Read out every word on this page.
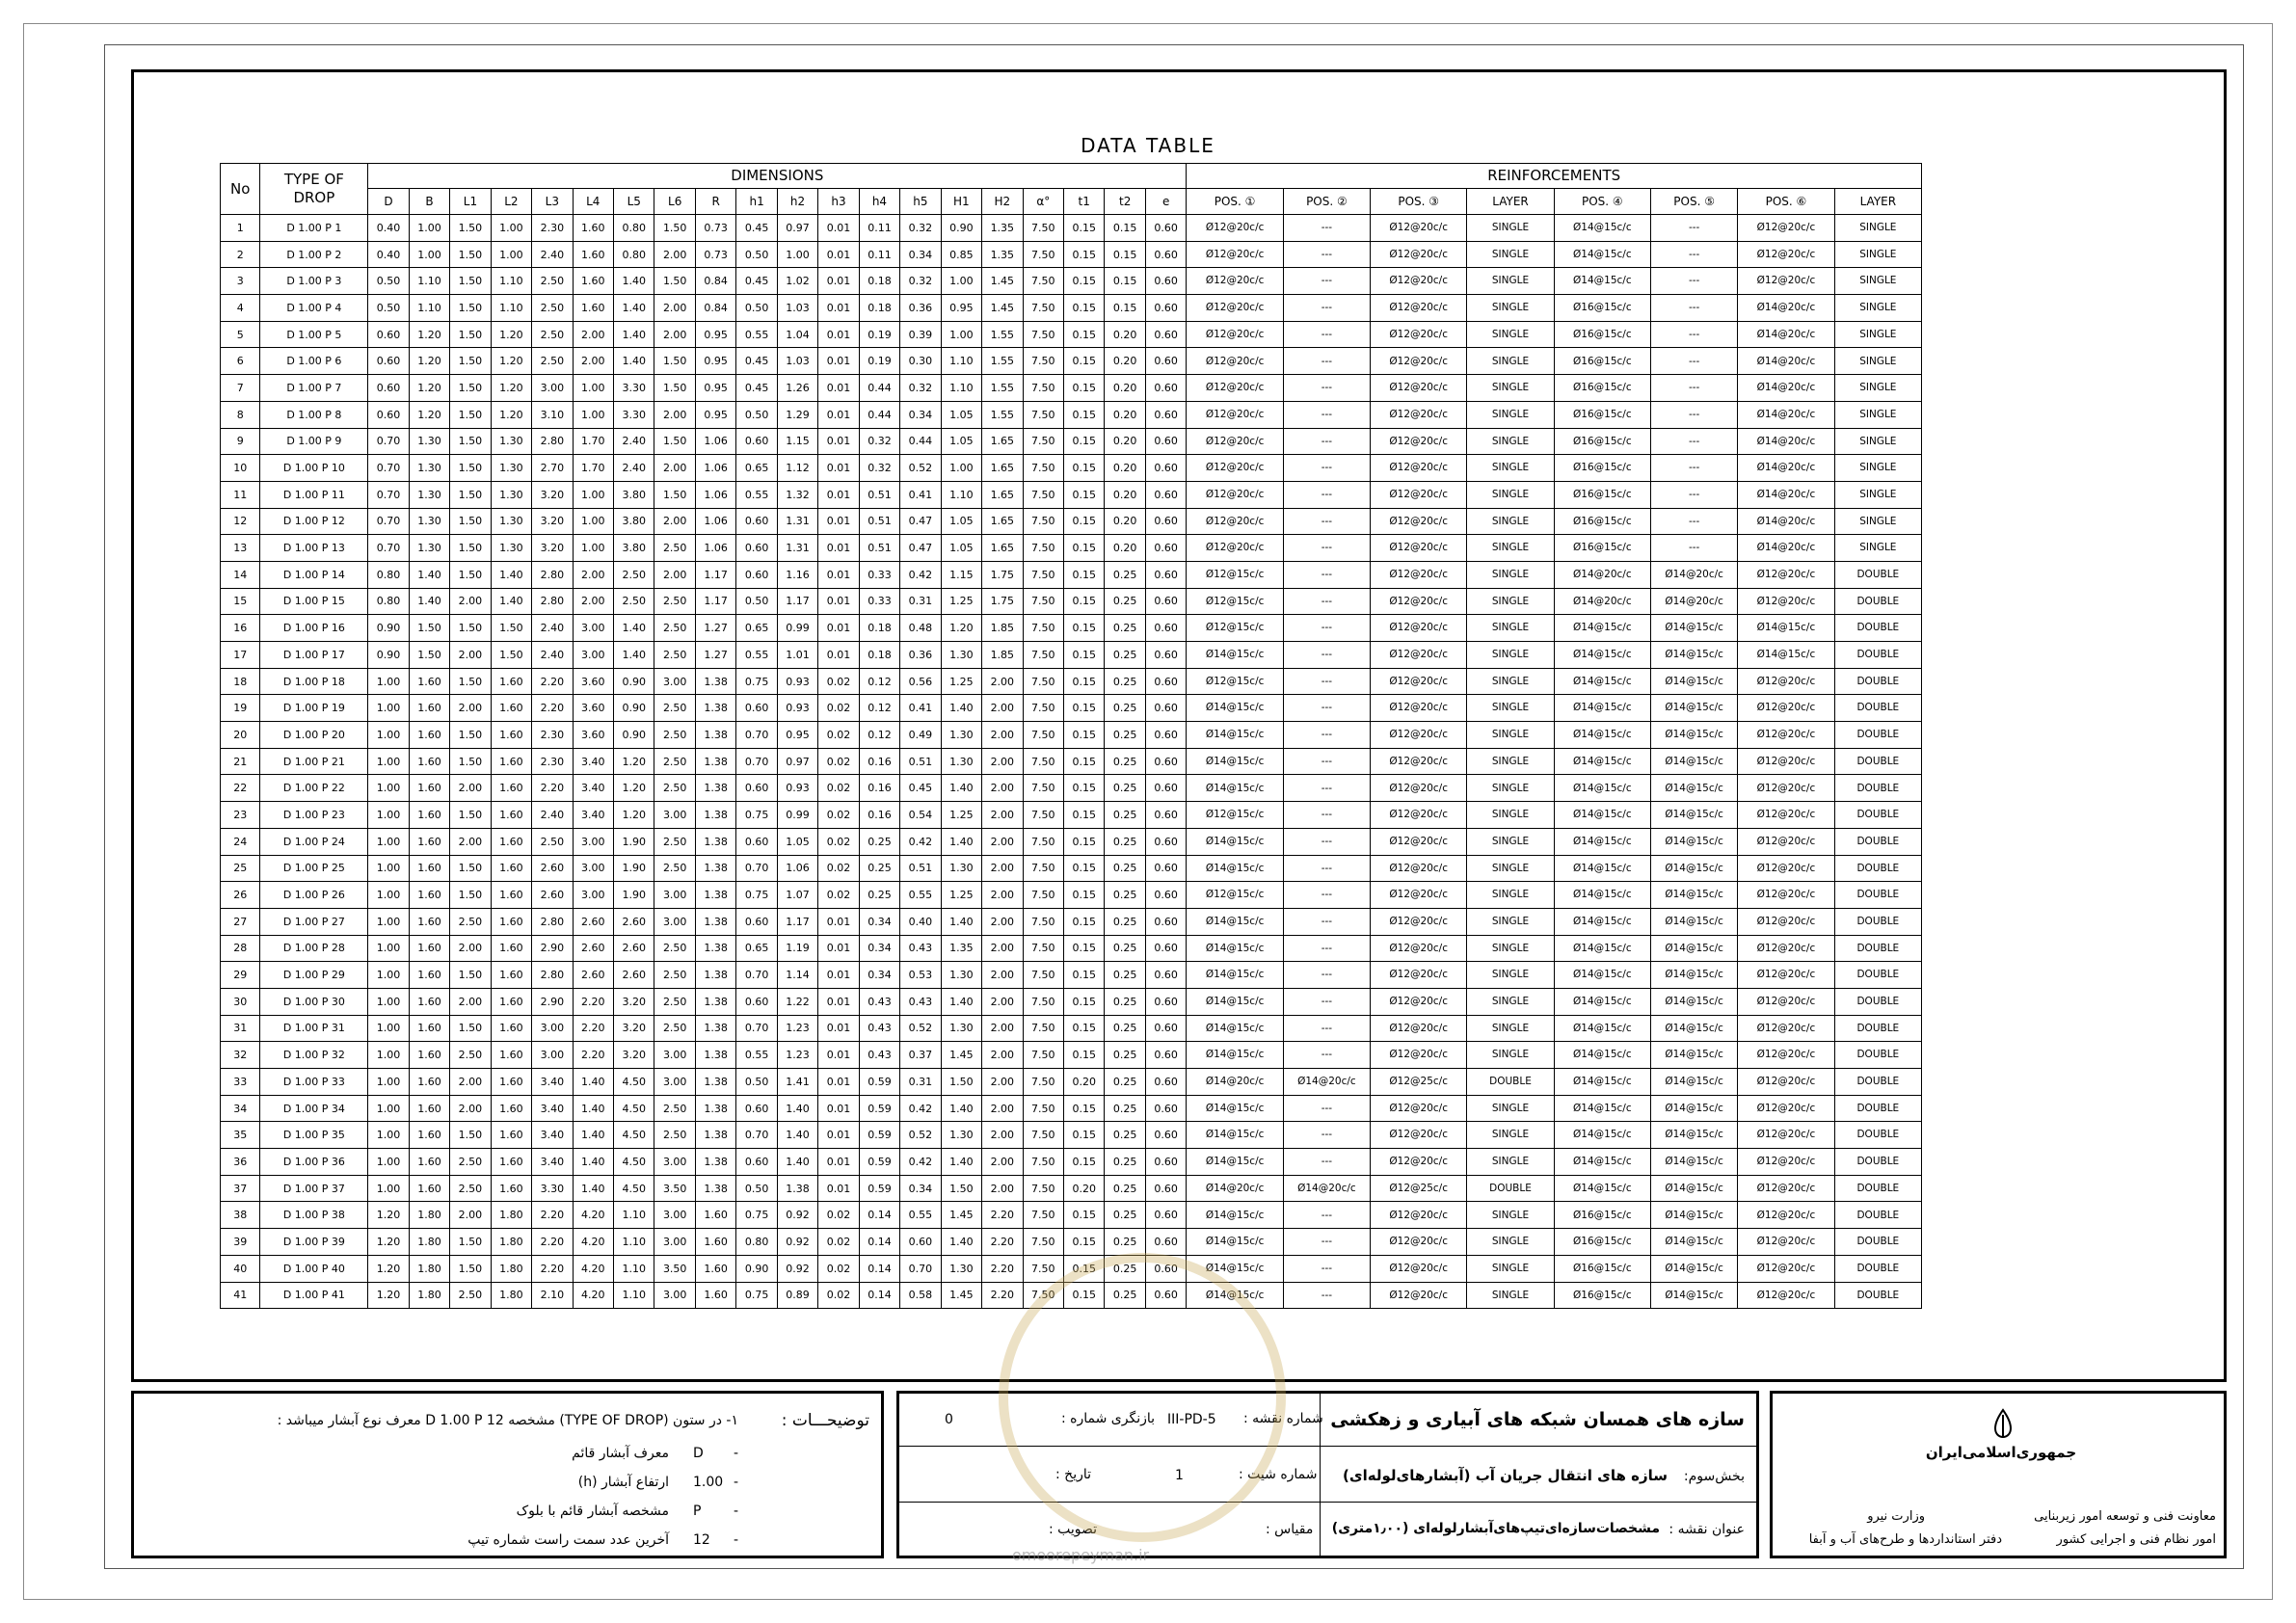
DATA TABLE
No	TYPE OF DROP	DIMENSIONS																				REINFORCEMENTS							
		D	B	L1	L2	L3	L4	L5	L6	R	h1	h2	h3	h4	h5	H1	H2	α°	t1	t2	e	POS. ①	POS. ②	POS. ③	LAYER	POS. ④	POS. ⑤	POS. ⑥	LAYER
1	D 1.00 P 1	0.40	1.00	1.50	1.00	2.30	1.60	0.80	1.50	0.73	0.45	0.97	0.01	0.11	0.32	0.90	1.35	7.50	0.15	0.15	0.60	Ø12@20c/c	---	Ø12@20c/c	SINGLE	Ø14@15c/c	---	Ø12@20c/c	SINGLE
2	D 1.00 P 2	0.40	1.00	1.50	1.00	2.40	1.60	0.80	2.00	0.73	0.50	1.00	0.01	0.11	0.34	0.85	1.35	7.50	0.15	0.15	0.60	Ø12@20c/c	---	Ø12@20c/c	SINGLE	Ø14@15c/c	---	Ø12@20c/c	SINGLE
3	D 1.00 P 3	0.50	1.10	1.50	1.10	2.50	1.60	1.40	1.50	0.84	0.45	1.02	0.01	0.18	0.32	1.00	1.45	7.50	0.15	0.15	0.60	Ø12@20c/c	---	Ø12@20c/c	SINGLE	Ø14@15c/c	---	Ø12@20c/c	SINGLE
4	D 1.00 P 4	0.50	1.10	1.50	1.10	2.50	1.60	1.40	2.00	0.84	0.50	1.03	0.01	0.18	0.36	0.95	1.45	7.50	0.15	0.15	0.60	Ø12@20c/c	---	Ø12@20c/c	SINGLE	Ø16@15c/c	---	Ø14@20c/c	SINGLE
5	D 1.00 P 5	0.60	1.20	1.50	1.20	2.50	2.00	1.40	2.00	0.95	0.55	1.04	0.01	0.19	0.39	1.00	1.55	7.50	0.15	0.20	0.60	Ø12@20c/c	---	Ø12@20c/c	SINGLE	Ø16@15c/c	---	Ø14@20c/c	SINGLE
6	D 1.00 P 6	0.60	1.20	1.50	1.20	2.50	2.00	1.40	1.50	0.95	0.45	1.03	0.01	0.19	0.30	1.10	1.55	7.50	0.15	0.20	0.60	Ø12@20c/c	---	Ø12@20c/c	SINGLE	Ø16@15c/c	---	Ø14@20c/c	SINGLE
7	D 1.00 P 7	0.60	1.20	1.50	1.20	3.00	1.00	3.30	1.50	0.95	0.45	1.26	0.01	0.44	0.32	1.10	1.55	7.50	0.15	0.20	0.60	Ø12@20c/c	---	Ø12@20c/c	SINGLE	Ø16@15c/c	---	Ø14@20c/c	SINGLE
8	D 1.00 P 8	0.60	1.20	1.50	1.20	3.10	1.00	3.30	2.00	0.95	0.50	1.29	0.01	0.44	0.34	1.05	1.55	7.50	0.15	0.20	0.60	Ø12@20c/c	---	Ø12@20c/c	SINGLE	Ø16@15c/c	---	Ø14@20c/c	SINGLE
9	D 1.00 P 9	0.70	1.30	1.50	1.30	2.80	1.70	2.40	1.50	1.06	0.60	1.15	0.01	0.32	0.44	1.05	1.65	7.50	0.15	0.20	0.60	Ø12@20c/c	---	Ø12@20c/c	SINGLE	Ø16@15c/c	---	Ø14@20c/c	SINGLE
10	D 1.00 P 10	0.70	1.30	1.50	1.30	2.70	1.70	2.40	2.00	1.06	0.65	1.12	0.01	0.32	0.52	1.00	1.65	7.50	0.15	0.20	0.60	Ø12@20c/c	---	Ø12@20c/c	SINGLE	Ø16@15c/c	---	Ø14@20c/c	SINGLE
11	D 1.00 P 11	0.70	1.30	1.50	1.30	3.20	1.00	3.80	1.50	1.06	0.55	1.32	0.01	0.51	0.41	1.10	1.65	7.50	0.15	0.20	0.60	Ø12@20c/c	---	Ø12@20c/c	SINGLE	Ø16@15c/c	---	Ø14@20c/c	SINGLE
12	D 1.00 P 12	0.70	1.30	1.50	1.30	3.20	1.00	3.80	2.00	1.06	0.60	1.31	0.01	0.51	0.47	1.05	1.65	7.50	0.15	0.20	0.60	Ø12@20c/c	---	Ø12@20c/c	SINGLE	Ø16@15c/c	---	Ø14@20c/c	SINGLE
13	D 1.00 P 13	0.70	1.30	1.50	1.30	3.20	1.00	3.80	2.50	1.06	0.60	1.31	0.01	0.51	0.47	1.05	1.65	7.50	0.15	0.20	0.60	Ø12@20c/c	---	Ø12@20c/c	SINGLE	Ø16@15c/c	---	Ø14@20c/c	SINGLE
14	D 1.00 P 14	0.80	1.40	1.50	1.40	2.80	2.00	2.50	2.00	1.17	0.60	1.16	0.01	0.33	0.42	1.15	1.75	7.50	0.15	0.25	0.60	Ø12@15c/c	---	Ø12@20c/c	SINGLE	Ø14@20c/c	Ø14@20c/c	Ø12@20c/c	DOUBLE
15	D 1.00 P 15	0.80	1.40	2.00	1.40	2.80	2.00	2.50	2.50	1.17	0.50	1.17	0.01	0.33	0.31	1.25	1.75	7.50	0.15	0.25	0.60	Ø12@15c/c	---	Ø12@20c/c	SINGLE	Ø14@20c/c	Ø14@20c/c	Ø12@20c/c	DOUBLE
16	D 1.00 P 16	0.90	1.50	1.50	1.50	2.40	3.00	1.40	2.50	1.27	0.65	0.99	0.01	0.18	0.48	1.20	1.85	7.50	0.15	0.25	0.60	Ø12@15c/c	---	Ø12@20c/c	SINGLE	Ø14@15c/c	Ø14@15c/c	Ø14@15c/c	DOUBLE
17	D 1.00 P 17	0.90	1.50	2.00	1.50	2.40	3.00	1.40	2.50	1.27	0.55	1.01	0.01	0.18	0.36	1.30	1.85	7.50	0.15	0.25	0.60	Ø14@15c/c	---	Ø12@20c/c	SINGLE	Ø14@15c/c	Ø14@15c/c	Ø14@15c/c	DOUBLE
18	D 1.00 P 18	1.00	1.60	1.50	1.60	2.20	3.60	0.90	3.00	1.38	0.75	0.93	0.02	0.12	0.56	1.25	2.00	7.50	0.15	0.25	0.60	Ø12@15c/c	---	Ø12@20c/c	SINGLE	Ø14@15c/c	Ø14@15c/c	Ø12@20c/c	DOUBLE
19	D 1.00 P 19	1.00	1.60	2.00	1.60	2.20	3.60	0.90	2.50	1.38	0.60	0.93	0.02	0.12	0.41	1.40	2.00	7.50	0.15	0.25	0.60	Ø14@15c/c	---	Ø12@20c/c	SINGLE	Ø14@15c/c	Ø14@15c/c	Ø12@20c/c	DOUBLE
20	D 1.00 P 20	1.00	1.60	1.50	1.60	2.30	3.60	0.90	2.50	1.38	0.70	0.95	0.02	0.12	0.49	1.30	2.00	7.50	0.15	0.25	0.60	Ø14@15c/c	---	Ø12@20c/c	SINGLE	Ø14@15c/c	Ø14@15c/c	Ø12@20c/c	DOUBLE
21	D 1.00 P 21	1.00	1.60	1.50	1.60	2.30	3.40	1.20	2.50	1.38	0.70	0.97	0.02	0.16	0.51	1.30	2.00	7.50	0.15	0.25	0.60	Ø14@15c/c	---	Ø12@20c/c	SINGLE	Ø14@15c/c	Ø14@15c/c	Ø12@20c/c	DOUBLE
22	D 1.00 P 22	1.00	1.60	2.00	1.60	2.20	3.40	1.20	2.50	1.38	0.60	0.93	0.02	0.16	0.45	1.40	2.00	7.50	0.15	0.25	0.60	Ø14@15c/c	---	Ø12@20c/c	SINGLE	Ø14@15c/c	Ø14@15c/c	Ø12@20c/c	DOUBLE
23	D 1.00 P 23	1.00	1.60	1.50	1.60	2.40	3.40	1.20	3.00	1.38	0.75	0.99	0.02	0.16	0.54	1.25	2.00	7.50	0.15	0.25	0.60	Ø12@15c/c	---	Ø12@20c/c	SINGLE	Ø14@15c/c	Ø14@15c/c	Ø12@20c/c	DOUBLE
24	D 1.00 P 24	1.00	1.60	2.00	1.60	2.50	3.00	1.90	2.50	1.38	0.60	1.05	0.02	0.25	0.42	1.40	2.00	7.50	0.15	0.25	0.60	Ø14@15c/c	---	Ø12@20c/c	SINGLE	Ø14@15c/c	Ø14@15c/c	Ø12@20c/c	DOUBLE
25	D 1.00 P 25	1.00	1.60	1.50	1.60	2.60	3.00	1.90	2.50	1.38	0.70	1.06	0.02	0.25	0.51	1.30	2.00	7.50	0.15	0.25	0.60	Ø14@15c/c	---	Ø12@20c/c	SINGLE	Ø14@15c/c	Ø14@15c/c	Ø12@20c/c	DOUBLE
26	D 1.00 P 26	1.00	1.60	1.50	1.60	2.60	3.00	1.90	3.00	1.38	0.75	1.07	0.02	0.25	0.55	1.25	2.00	7.50	0.15	0.25	0.60	Ø12@15c/c	---	Ø12@20c/c	SINGLE	Ø14@15c/c	Ø14@15c/c	Ø12@20c/c	DOUBLE
27	D 1.00 P 27	1.00	1.60	2.50	1.60	2.80	2.60	2.60	3.00	1.38	0.60	1.17	0.01	0.34	0.40	1.40	2.00	7.50	0.15	0.25	0.60	Ø14@15c/c	---	Ø12@20c/c	SINGLE	Ø14@15c/c	Ø14@15c/c	Ø12@20c/c	DOUBLE
28	D 1.00 P 28	1.00	1.60	2.00	1.60	2.90	2.60	2.60	2.50	1.38	0.65	1.19	0.01	0.34	0.43	1.35	2.00	7.50	0.15	0.25	0.60	Ø14@15c/c	---	Ø12@20c/c	SINGLE	Ø14@15c/c	Ø14@15c/c	Ø12@20c/c	DOUBLE
29	D 1.00 P 29	1.00	1.60	1.50	1.60	2.80	2.60	2.60	2.50	1.38	0.70	1.14	0.01	0.34	0.53	1.30	2.00	7.50	0.15	0.25	0.60	Ø14@15c/c	---	Ø12@20c/c	SINGLE	Ø14@15c/c	Ø14@15c/c	Ø12@20c/c	DOUBLE
30	D 1.00 P 30	1.00	1.60	2.00	1.60	2.90	2.20	3.20	2.50	1.38	0.60	1.22	0.01	0.43	0.43	1.40	2.00	7.50	0.15	0.25	0.60	Ø14@15c/c	---	Ø12@20c/c	SINGLE	Ø14@15c/c	Ø14@15c/c	Ø12@20c/c	DOUBLE
31	D 1.00 P 31	1.00	1.60	1.50	1.60	3.00	2.20	3.20	2.50	1.38	0.70	1.23	0.01	0.43	0.52	1.30	2.00	7.50	0.15	0.25	0.60	Ø14@15c/c	---	Ø12@20c/c	SINGLE	Ø14@15c/c	Ø14@15c/c	Ø12@20c/c	DOUBLE
32	D 1.00 P 32	1.00	1.60	2.50	1.60	3.00	2.20	3.20	3.00	1.38	0.55	1.23	0.01	0.43	0.37	1.45	2.00	7.50	0.15	0.25	0.60	Ø14@15c/c	---	Ø12@20c/c	SINGLE	Ø14@15c/c	Ø14@15c/c	Ø12@20c/c	DOUBLE
33	D 1.00 P 33	1.00	1.60	2.00	1.60	3.40	1.40	4.50	3.00	1.38	0.50	1.41	0.01	0.59	0.31	1.50	2.00	7.50	0.20	0.25	0.60	Ø14@20c/c	Ø14@20c/c	Ø12@25c/c	DOUBLE	Ø14@15c/c	Ø14@15c/c	Ø12@20c/c	DOUBLE
34	D 1.00 P 34	1.00	1.60	2.00	1.60	3.40	1.40	4.50	2.50	1.38	0.60	1.40	0.01	0.59	0.42	1.40	2.00	7.50	0.15	0.25	0.60	Ø14@15c/c	---	Ø12@20c/c	SINGLE	Ø14@15c/c	Ø14@15c/c	Ø12@20c/c	DOUBLE
35	D 1.00 P 35	1.00	1.60	1.50	1.60	3.40	1.40	4.50	2.50	1.38	0.70	1.40	0.01	0.59	0.52	1.30	2.00	7.50	0.15	0.25	0.60	Ø14@15c/c	---	Ø12@20c/c	SINGLE	Ø14@15c/c	Ø14@15c/c	Ø12@20c/c	DOUBLE
36	D 1.00 P 36	1.00	1.60	2.50	1.60	3.40	1.40	4.50	3.00	1.38	0.60	1.40	0.01	0.59	0.42	1.40	2.00	7.50	0.15	0.25	0.60	Ø14@15c/c	---	Ø12@20c/c	SINGLE	Ø14@15c/c	Ø14@15c/c	Ø12@20c/c	DOUBLE
37	D 1.00 P 37	1.00	1.60	2.50	1.60	3.30	1.40	4.50	3.50	1.38	0.50	1.38	0.01	0.59	0.34	1.50	2.00	7.50	0.20	0.25	0.60	Ø14@20c/c	Ø14@20c/c	Ø12@25c/c	DOUBLE	Ø14@15c/c	Ø14@15c/c	Ø12@20c/c	DOUBLE
38	D 1.00 P 38	1.20	1.80	2.00	1.80	2.20	4.20	1.10	3.00	1.60	0.75	0.92	0.02	0.14	0.55	1.45	2.20	7.50	0.15	0.25	0.60	Ø14@15c/c	---	Ø12@20c/c	SINGLE	Ø16@15c/c	Ø14@15c/c	Ø12@20c/c	DOUBLE
39	D 1.00 P 39	1.20	1.80	1.50	1.80	2.20	4.20	1.10	3.00	1.60	0.80	0.92	0.02	0.14	0.60	1.40	2.20	7.50	0.15	0.25	0.60	Ø14@15c/c	---	Ø12@20c/c	SINGLE	Ø16@15c/c	Ø14@15c/c	Ø12@20c/c	DOUBLE
40	D 1.00 P 40	1.20	1.80	1.50	1.80	2.20	4.20	1.10	3.50	1.60	0.90	0.92	0.02	0.14	0.70	1.30	2.20	7.50	0.15	0.25	0.60	Ø14@15c/c	---	Ø12@20c/c	SINGLE	Ø16@15c/c	Ø14@15c/c	Ø12@20c/c	DOUBLE
41	D 1.00 P 41	1.20	1.80	2.50	1.80	2.10	4.20	1.10	3.00	1.60	0.75	0.89	0.02	0.14	0.58	1.45	2.20	7.50	0.15	0.25	0.60	Ø14@15c/c	---	Ø12@20c/c	SINGLE	Ø16@15c/c	Ø14@15c/c	Ø12@20c/c	DOUBLE
توضیحـــات :
۱- در ستون (TYPE OF DROP) مشخصه D 1.00 P 12 معرف نوع آبشار میباشد :
D -
معرف آبشار قائم
1.00 -
ارتفاع آبشار (h)
P -
مشخصه آبشار قائم با بلوک
12 -
آخرین عدد سمت راست شماره تیپ
سازه های همسان شبکه های آبیاری و زهکشی
بخش‌سوم:
سازه های انتقال جریان آب (آبشارهای‌لوله‌ای)
عنوان نقشه :
مشخصات‌سازه‌ای‌تیپ‌های‌آبشارلوله‌ای (۱٫۰۰متری)
شماره نقشه :
III-PD-5
بازنگری شماره :
0
شماره شیت :
1
تاریخ :
مقیاس :
تصویب :
جمهوری‌اسلامی‌ایران
وزارت نیرو	معاونت فنی و توسعه امور زیربنایی
امور نظام فنی و اجرایی کشور
دفتر استانداردها و طرح‌های آب و آبفا
omoorepeyman.ir
